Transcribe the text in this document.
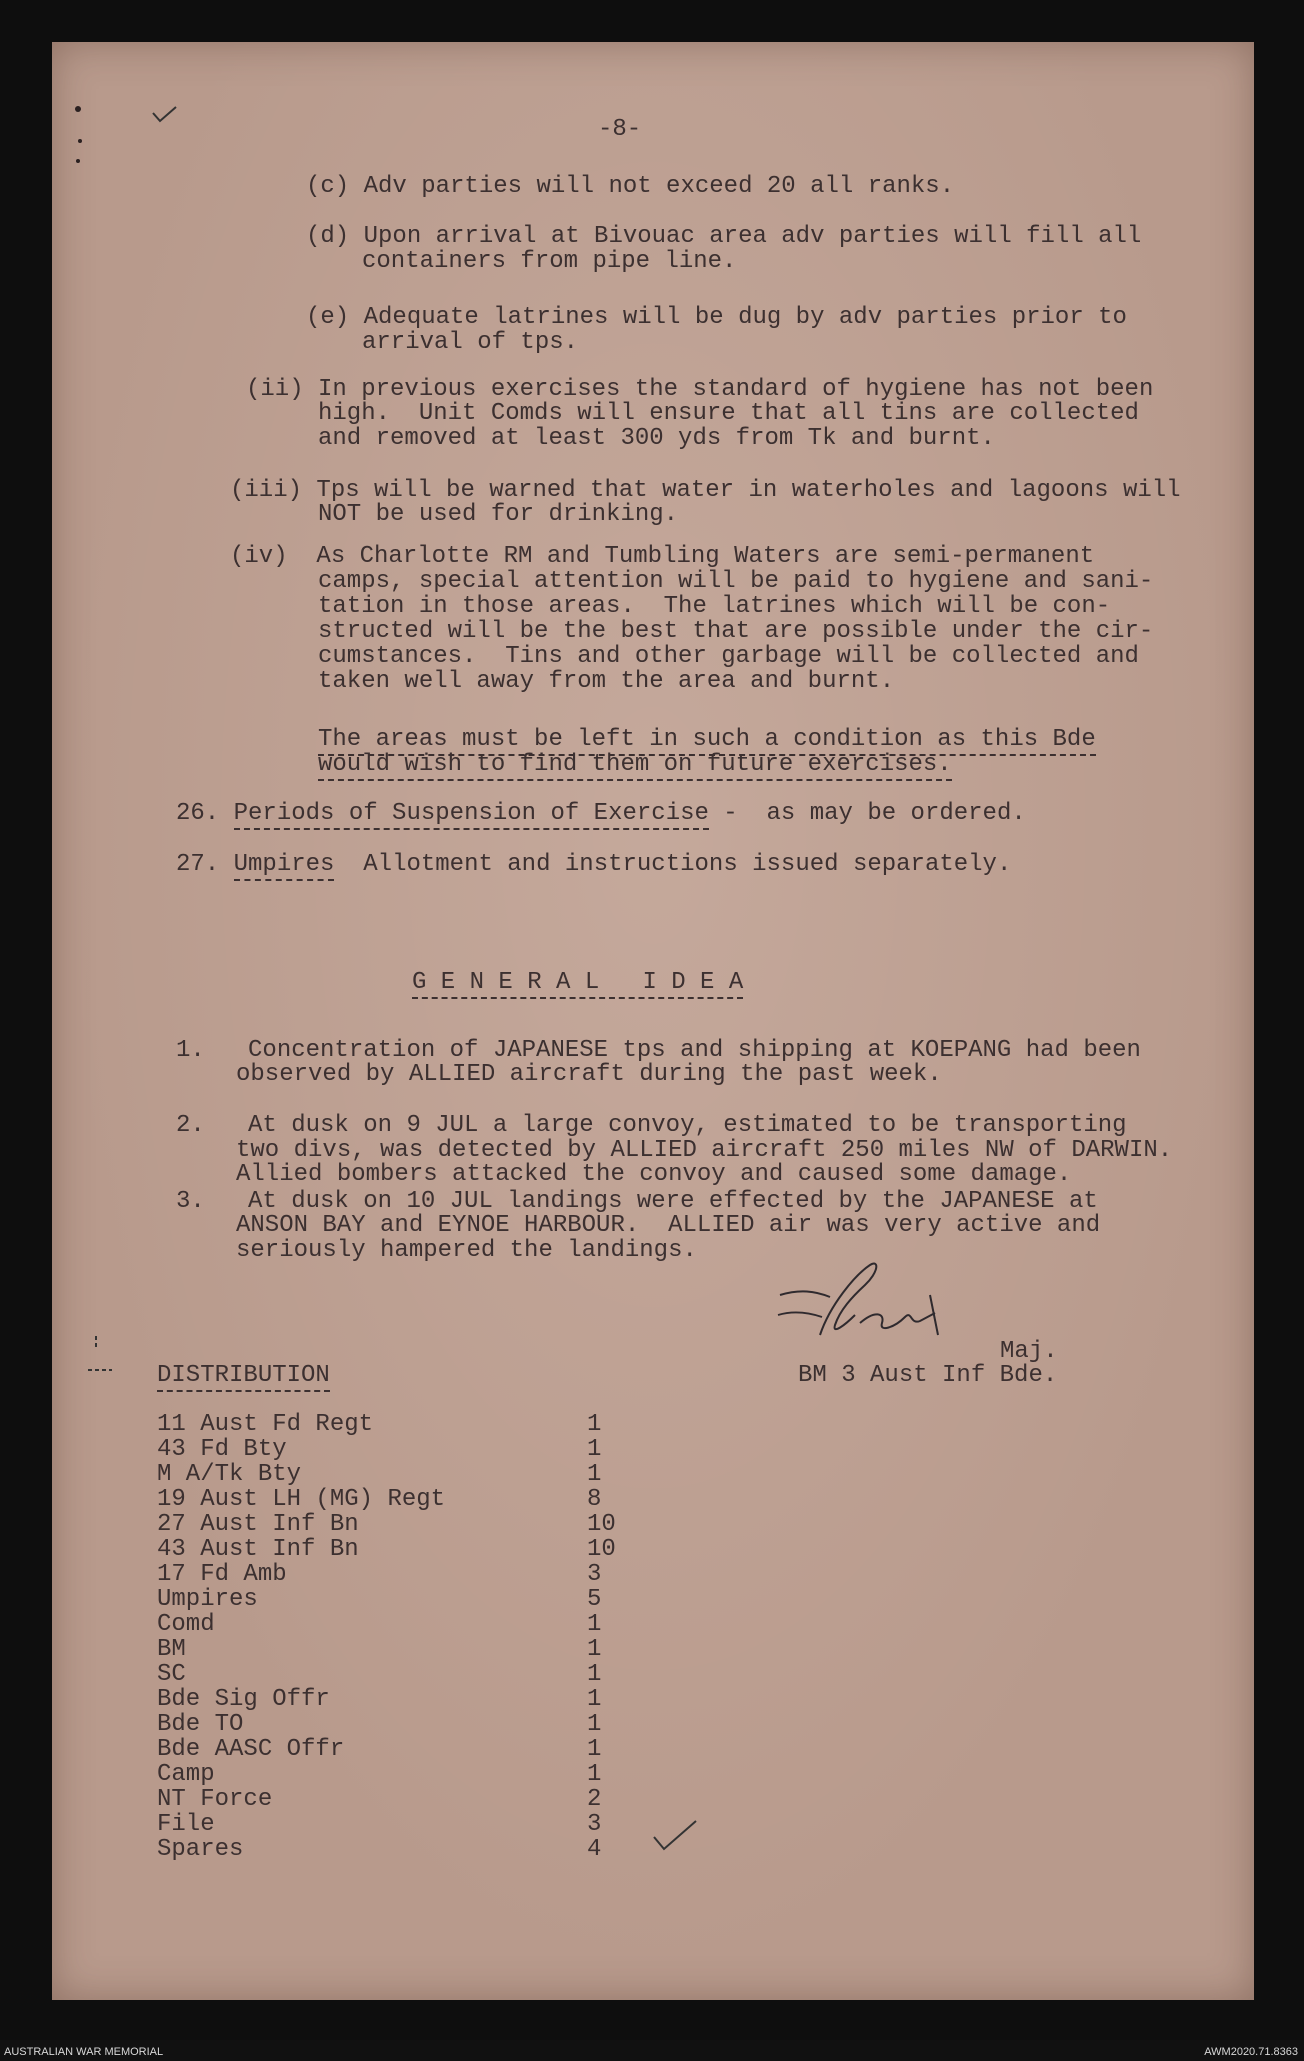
-8-
(c) Adv parties will not exceed 20 all ranks.
(d) Upon arrival at Bivouac area adv parties will fill all
containers from pipe line.
(e) Adequate latrines will be dug by adv parties prior to
arrival of tps.
(ii) In previous exercises the standard of hygiene has not been
high.  Unit Comds will ensure that all tins are collected
and removed at least 300 yds from Tk and burnt.
(iii) Tps will be warned that water in waterholes and lagoons will
NOT be used for drinking.
(iv)  As Charlotte RM and Tumbling Waters are semi-permanent
camps, special attention will be paid to hygiene and sani-
tation in those areas.  The latrines which will be con-
structed will be the best that are possible under the cir-
cumstances.  Tins and other garbage will be collected and
taken well away from the area and burnt.
The areas must be left in such a condition as this Bde
would wish to find them on future exercises.
26. Periods of Suspension of Exercise -  as may be ordered.
27. Umpires  Allotment and instructions issued separately.
G E N E R A L   I D E A
1.   Concentration of JAPANESE tps and shipping at KOEPANG had been
observed by ALLIED aircraft during the past week.
2.   At dusk on 9 JUL a large convoy, estimated to be transporting
two divs, was detected by ALLIED aircraft 250 miles NW of DARWIN.
Allied bombers attacked the convoy and caused some damage.
3.   At dusk on 10 JUL landings were effected by the JAPANESE at
ANSON BAY and EYNOE HARBOUR.  ALLIED air was very active and
seriously hampered the landings.
Maj.
BM 3 Aust Inf Bde.
DISTRIBUTION
11 Aust Fd Regt	1
43 Fd Bty	1
M A/Tk Bty	1
19 Aust LH (MG) Regt	8
27 Aust Inf Bn	10
43 Aust Inf Bn	10
17 Fd Amb	3
Umpires	5
Comd	1
BM	1
SC	1
Bde Sig Offr	1
Bde TO	1
Bde AASC Offr	1
Camp	1
NT Force	2
File	3
Spares	4
AUSTRALIAN WAR MEMORIAL	AWM2020.71.8363
